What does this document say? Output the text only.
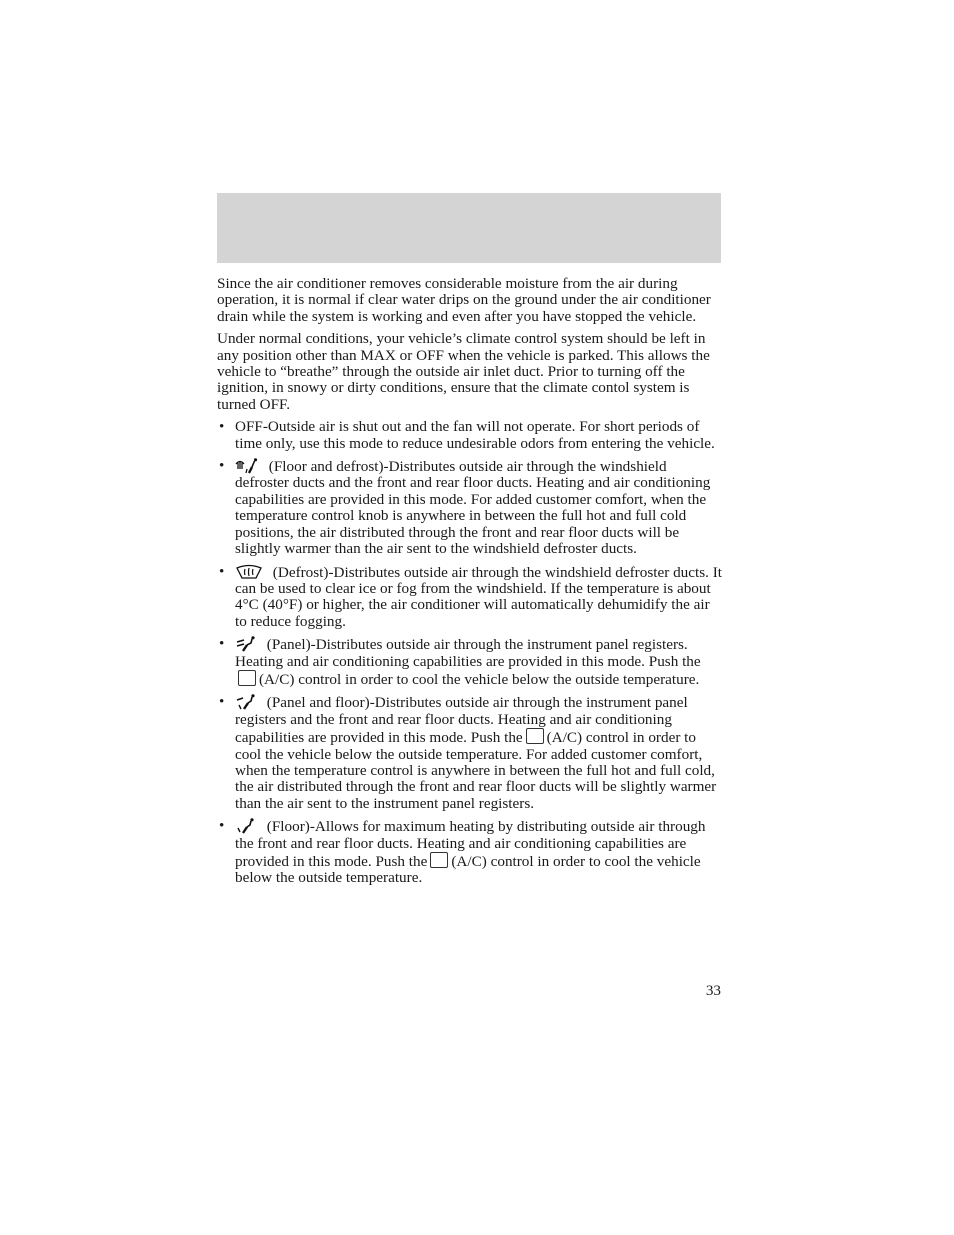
Since the air conditioner removes considerable moisture from the air during operation, it is normal if clear water drips on the ground under the air conditioner drain while the system is working and even after you have stopped the vehicle.

Under normal conditions, your vehicle’s climate control system should be left in any position other than MAX or OFF when the vehicle is parked. This allows the vehicle to “breathe” through the outside air inlet duct. Prior to turning off the ignition, in snowy or dirty conditions, ensure that the climate contol system is turned OFF.

• OFF-Outside air is shut out and the fan will not operate. For short periods of time only, use this mode to reduce undesirable odors from entering the vehicle.
•	(Floor and defrost)-Distributes outside air through the windshield defroster ducts and the front and rear floor ducts. Heating and air conditioning capabilities are provided in this mode. For added customer comfort, when the temperature control knob is anywhere in between the full hot and full cold positions, the air distributed through the front and rear floor ducts will be slightly warmer than the air sent to the windshield defroster ducts.
•	(Defrost)-Distributes outside air through the windshield defroster ducts. It can be used to clear ice or fog from the windshield. If the temperature is about 4°C (40°F) or higher, the air conditioner will automatically dehumidify the air to reduce fogging.
•	(Panel)-Distributes outside air through the instrument panel registers. Heating and air conditioning capabilities are provided in this mode. Push the(A/C) control in order to cool the vehicle below the outside temperature.
•	(Panel and floor)-Distributes outside air through the instrument panel registers and the front and rear floor ducts. Heating and air conditioning capabilities are provided in this mode. Push the (A/C) control in order to cool the vehicle below the outside temperature. For added customer comfort, when the temperature control is anywhere in between the full hot and full cold, the air distributed through the front and rear floor ducts will be slightly warmer than the air sent to the instrument panel registers.
•	(Floor)-Allows for maximum heating by distributing outside air through the front and rear floor ducts. Heating and air conditioning capabilities are provided in this mode. Push the (A/C) control in order to cool the vehicle below the outside temperature.
33
